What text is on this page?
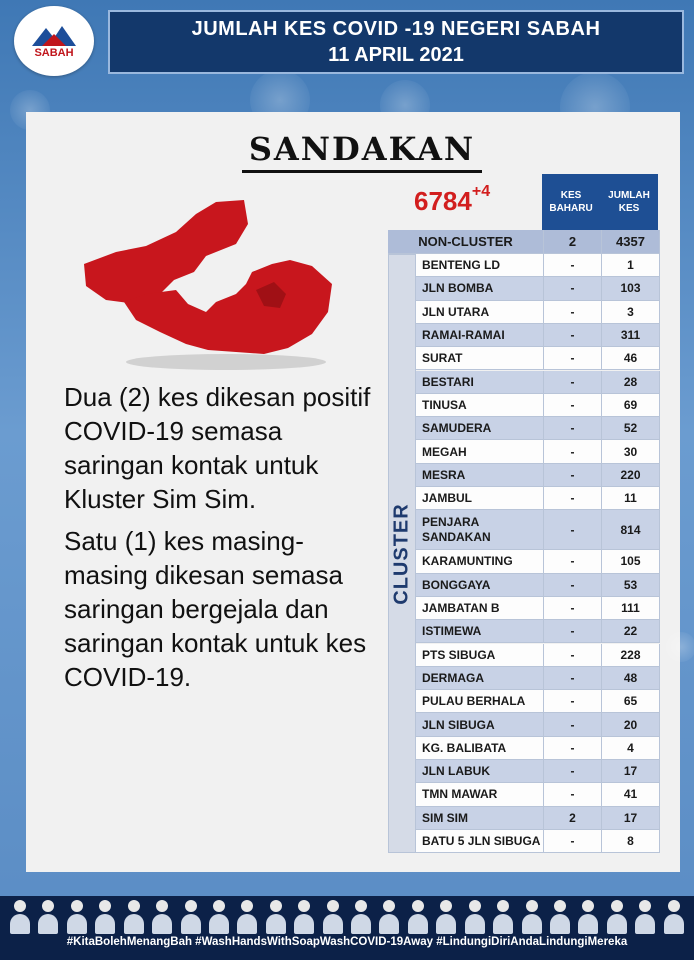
SABAH
JUMLAH KES COVID -19 NEGERI SABAH
11 APRIL 2021
SANDAKAN
$6784^{+4}$

Dua (2) kes dikesan positif COVID-19 semasa saringan kontak untuk Kluster Sim Sim.

Satu (1) kes masing-masing dikesan semasa saringan bergejala dan saringan kontak untuk kes COVID-19.

KES BAHARU
JUMLAH KES
NON-CLUSTER	2	4357
CLUSTER
BENTENG LD	-	1
JLN BOMBA	-	103
JLN UTARA	-	3
RAMAI-RAMAI	-	311
SURAT	-	46
BESTARI	-	28
TINUSA	-	69
SAMUDERA	-	52
MEGAH	-	30
MESRA	-	220
JAMBUL	-	11
PENJARA SANDAKAN	-	814
KARAMUNTING	-	105
BONGGAYA	-	53
JAMBATAN B	-	111
ISTIMEWA	-	22
PTS SIBUGA	-	228
DERMAGA	-	48
PULAU BERHALA	-	65
JLN SIBUGA	-	20
KG. BALIBATA	-	4
JLN LABUK	-	17
TMN MAWAR	-	41
SIM SIM	2	17
BATU 5 JLN SIBUGA	-	8
#KitaBolehMenangBah #WashHandsWithSoapWashCOVID-19Away #LindungiDiriAndaLindungiMereka
